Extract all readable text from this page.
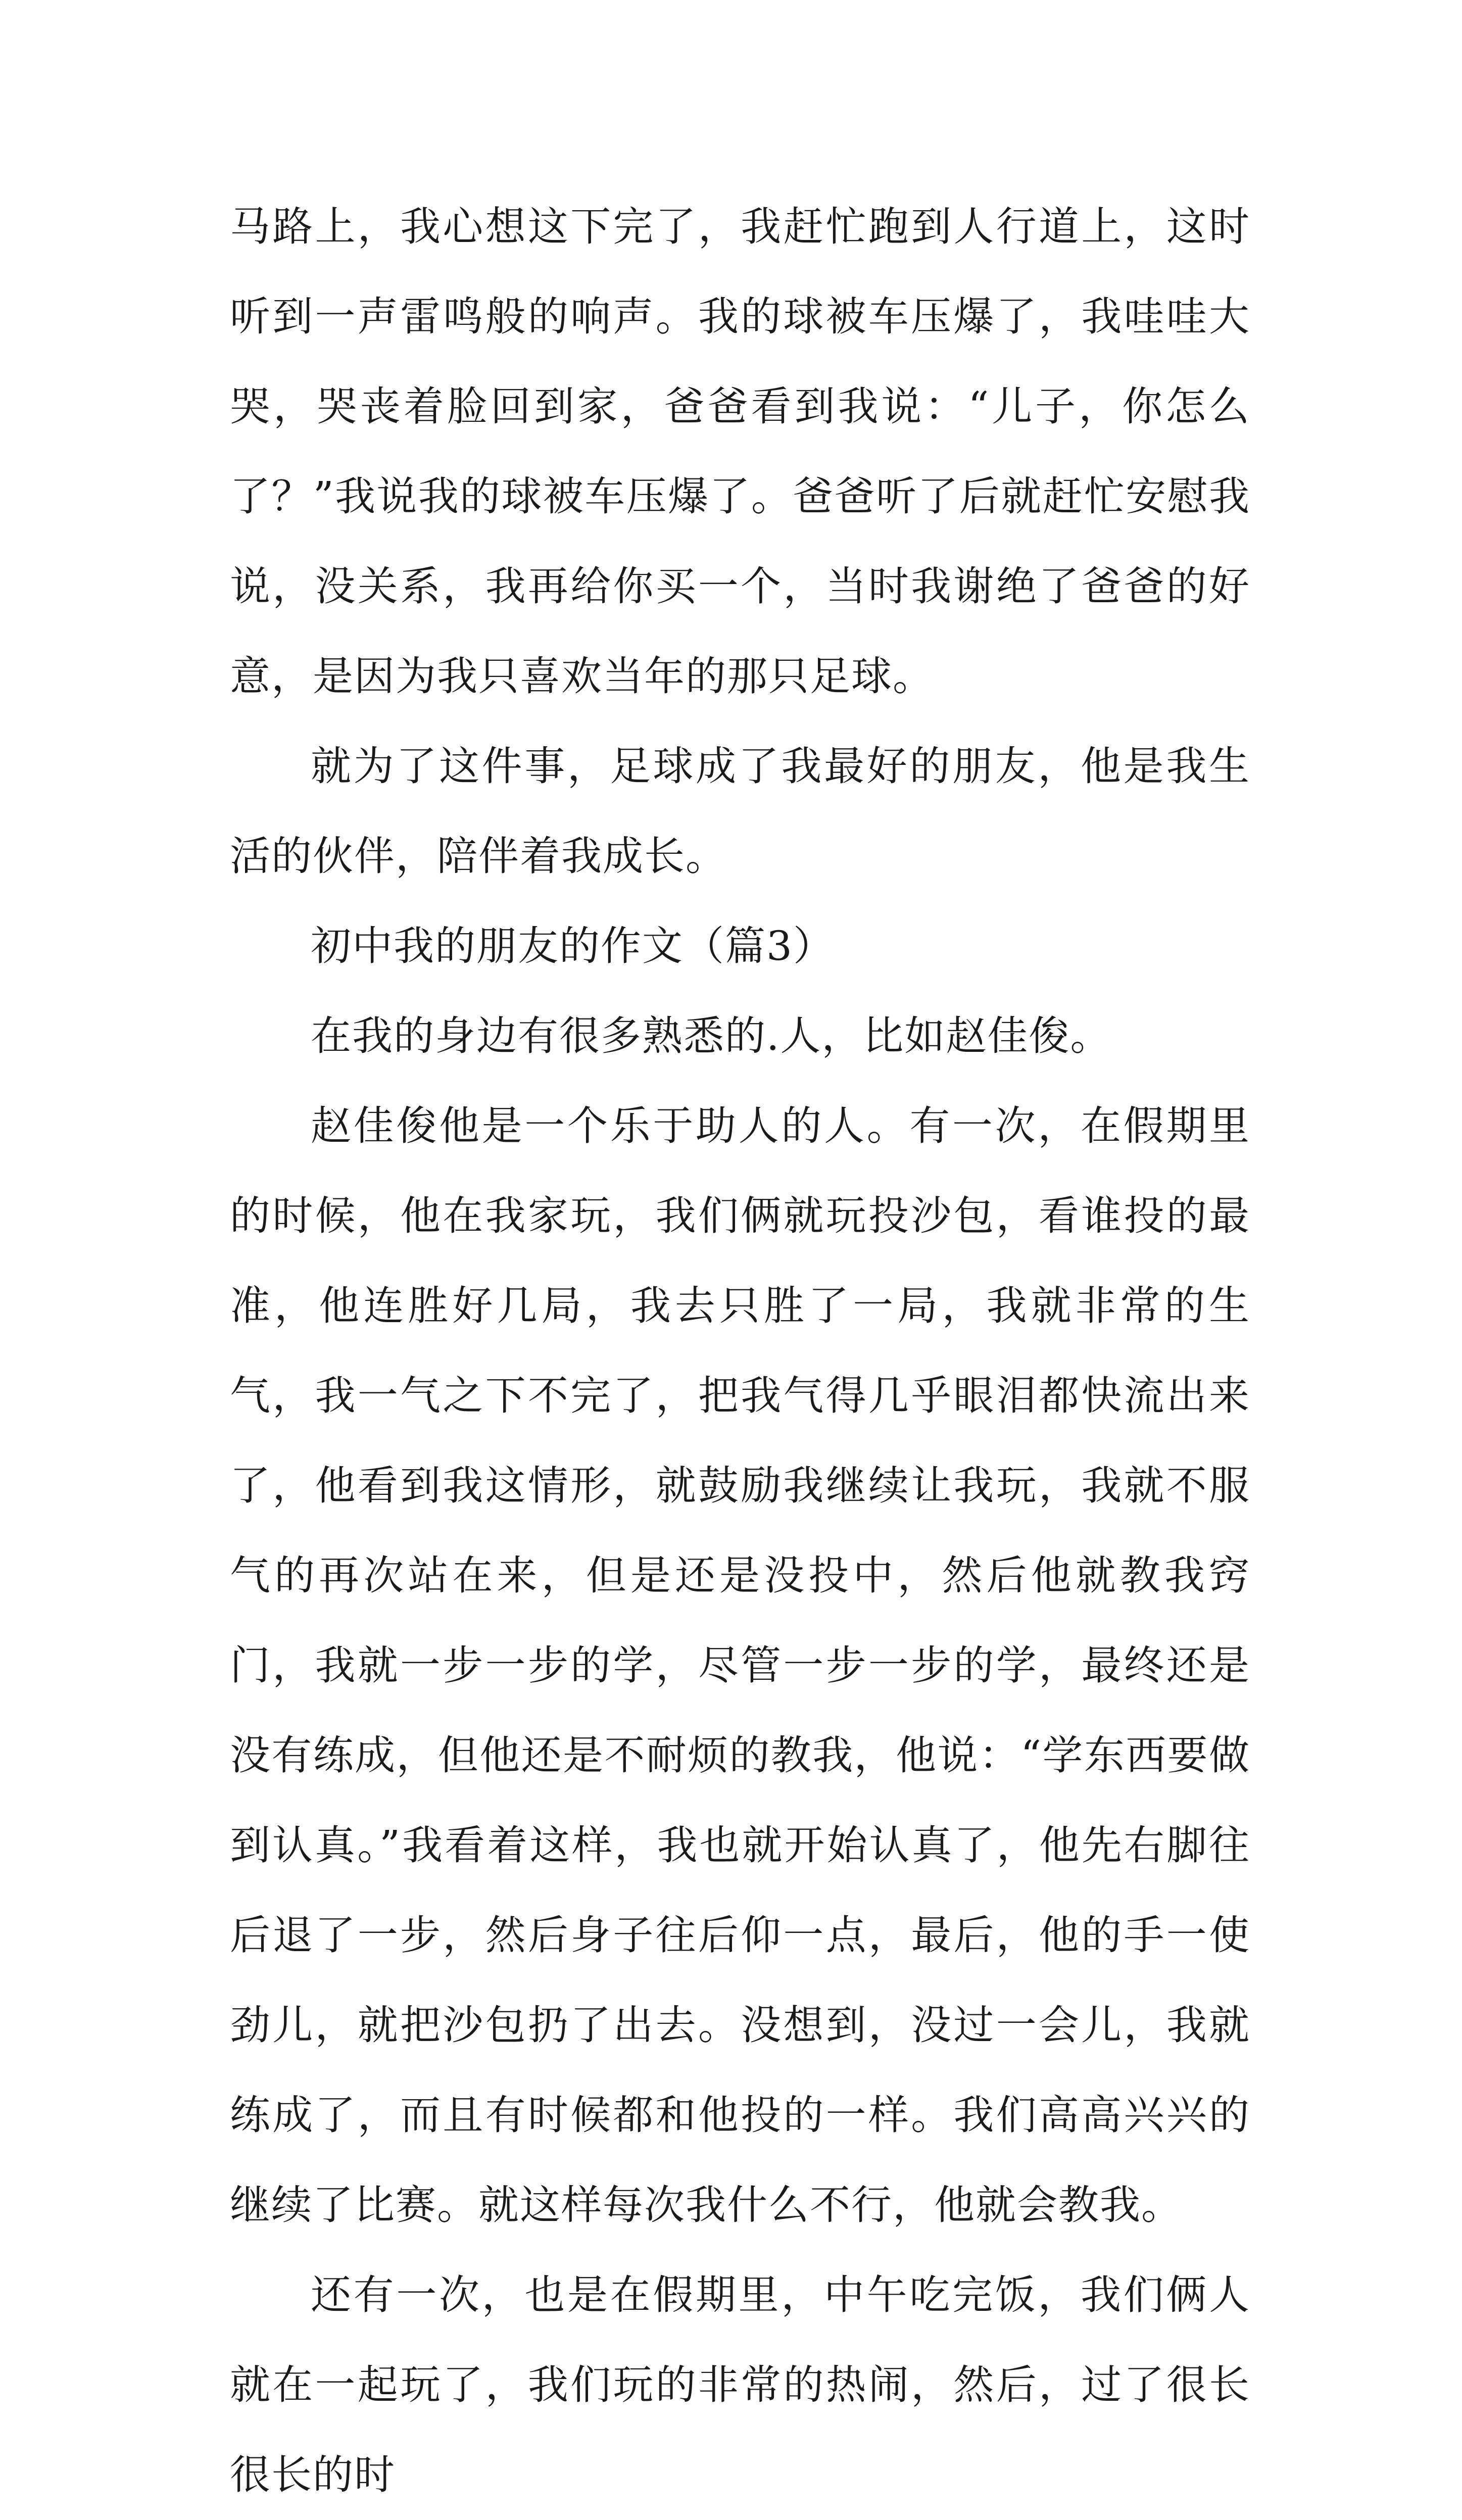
马路上，我心想这下完了，我赶忙跑到人行道上，这时听到一声雷鸣般的响声。我的球被车压爆了，我哇哇大哭，哭丧着脸回到家，爸爸看到我说：“儿子，你怎么了？”我说我的球被车压爆了。爸爸听了后就赶忙安慰我说，没关系，我再给你买一个，当时我谢绝了爸爸的好意，是因为我只喜欢当年的那只足球。

就为了这件事，足球成了我最好的朋友，他是我生活的伙伴，陪伴着我成长。

初中我的朋友的作文（篇3）

在我的身边有很多熟悉的.人，比如赵佳俊。

赵佳俊他是一个乐于助人的人。有一次，在假期里的时候，他在我家玩，我们俩就玩投沙包，看谁投的最准，他连胜好几局，我去只胜了一局，我就非常的生气，我一气之下不完了，把我气得几乎眼泪都快流出来了，他看到我这情形，就鼓励我继续让我玩，我就不服气的再次站在来，但是还是没投中，然后他就教我窍门，我就一步一步的学，尽管一步一步的学，最终还是没有练成，但他还是不耐烦的教我，他说：“学东西要做到认真。”我看着这样，我也就开始认真了，他先右脚往后退了一步，然后身子往后仰一点，最后，他的手一使劲儿，就把沙包扔了出去。没想到，没过一会儿，我就练成了，而且有时候都和他投的一样。我们高高兴兴的继续了比赛。就这样每次我什么不行，他就会教我。

还有一次，也是在假期里，中午吃完饭，我们俩人就在一起玩了，我们玩的非常的热闹，然后，过了很长很长的时
